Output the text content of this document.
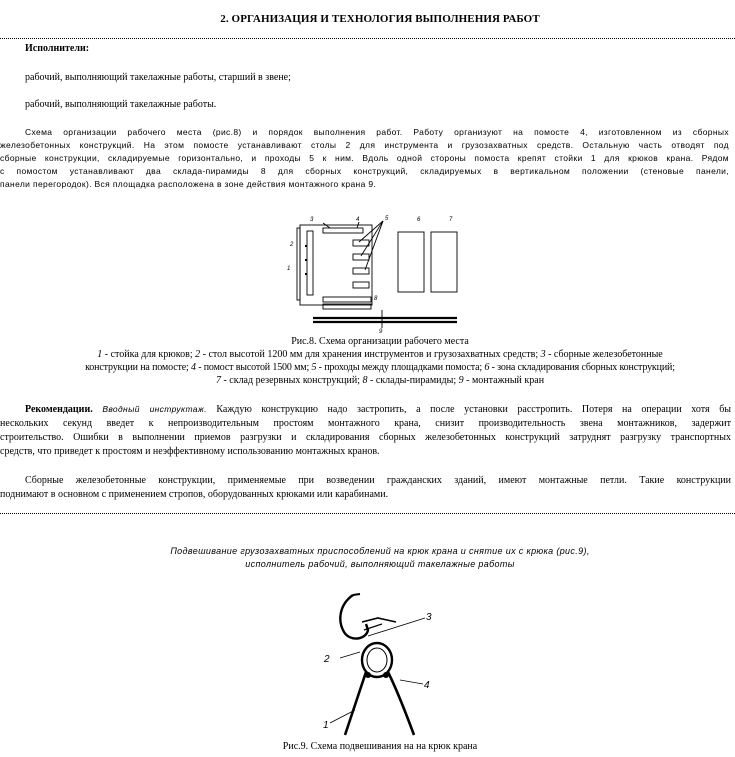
2. ОРГАНИЗАЦИЯ И ТЕХНОЛОГИЯ ВЫПОЛНЕНИЯ РАБОТ
Исполнители:
рабочий, выполняющий такелажные работы, старший в звене;
рабочий, выполняющий такелажные работы.
Схема организации рабочего места (рис.8) и порядок выполнения работ. Работу организуют на помосте 4, изготовленном из сборных
железобетонных конструкций. На этом помосте устанавливают столы 2 для инструмента и грузозахватных средств. Остальную часть отводят под
сборные конструкции, складируемые горизонтально, и проходы 5 к ним. Вдоль одной стороны помоста крепят стойки 1 для крюков крана. Рядом
с помостом устанавливают два склада-пирамиды 8 для сборных конструкций, складируемых в вертикальном положении (стеновые панели,
панели перегородок). Вся площадка расположена в зоне действия монтажного крана 9.
1
2
3	4	5	6	7
8
9
Рис.8. Схема организации рабочего места
1 - стойка для крюков; 2 - стол высотой 1200 мм для хранения инструментов и грузозахватных средств; 3 - сборные железобетонные
конструкции на помосте; 4 - помост высотой 1500 мм; 5 - проходы между площадками помоста; 6 - зона складирования сборных конструкций;
7 - склад резервных конструкций; 8 - склады-пирамиды; 9 - монтажный кран
Рекомендации. Вводный инструктаж. Каждую конструкцию надо застропить, а после установки расстропить. Потеря на операции хотя бы
нескольких секунд введет к непроизводительным простоям монтажного крана, снизит производительность звена монтажников, задержит
строительство. Ошибки в выполнении приемов разгрузки и складирования сборных железобетонных конструкций затруднят разгрузку транспортных
средств, что приведет к простоям и неэффективному использованию монтажных кранов.
Сборные железобетонные конструкции, применяемые при возведении гражданских зданий, имеют монтажные петли. Такие конструкции
поднимают в основном с применением стропов, оборудованных крюками или карабинами.
Подвешивание грузозахватных приспособлений на крюк крана и снятие их с крюка (рис.9),
исполнитель рабочий, выполняющий такелажные работы
1
2
3
4
Рис.9. Схема подвешивания на на крюк крана
